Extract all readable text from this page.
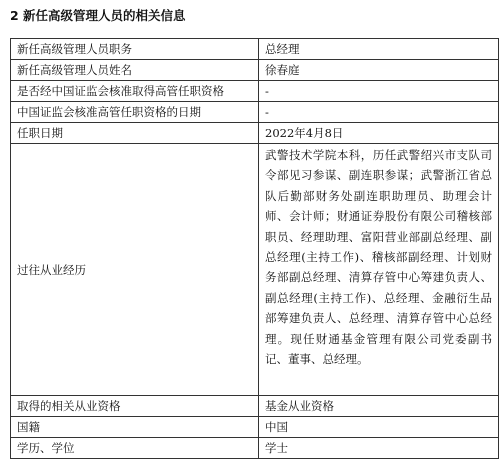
2 新任高级管理人员的相关信息
新任高级管理人员职务	总经理
新任高级管理人员姓名	徐春庭
是否经中国证监会核准取得高管任职资格	-
中国证监会核准高管任职资格的日期	-
任职日期	2022年4月8日
过往从业经历	武警技术学院本科，历任武警绍兴市支队司令部见习参谋、副连职参谋；武警浙江省总队后勤部财务处副连职助理员、助理会计师、会计师；财通证券股份有限公司稽核部职员、经理助理、富阳营业部副总经理、副总经理(主持工作)、稽核部副经理、计划财务部副总经理、清算存管中心筹建负责人、副总经理(主持工作)、总经理、金融衍生品部筹建负责人、总经理、清算存管中心总经理。现任财通基金管理有限公司党委副书记、董事、总经理。
取得的相关从业资格	基金从业资格
国籍	中国
学历、学位	学士
